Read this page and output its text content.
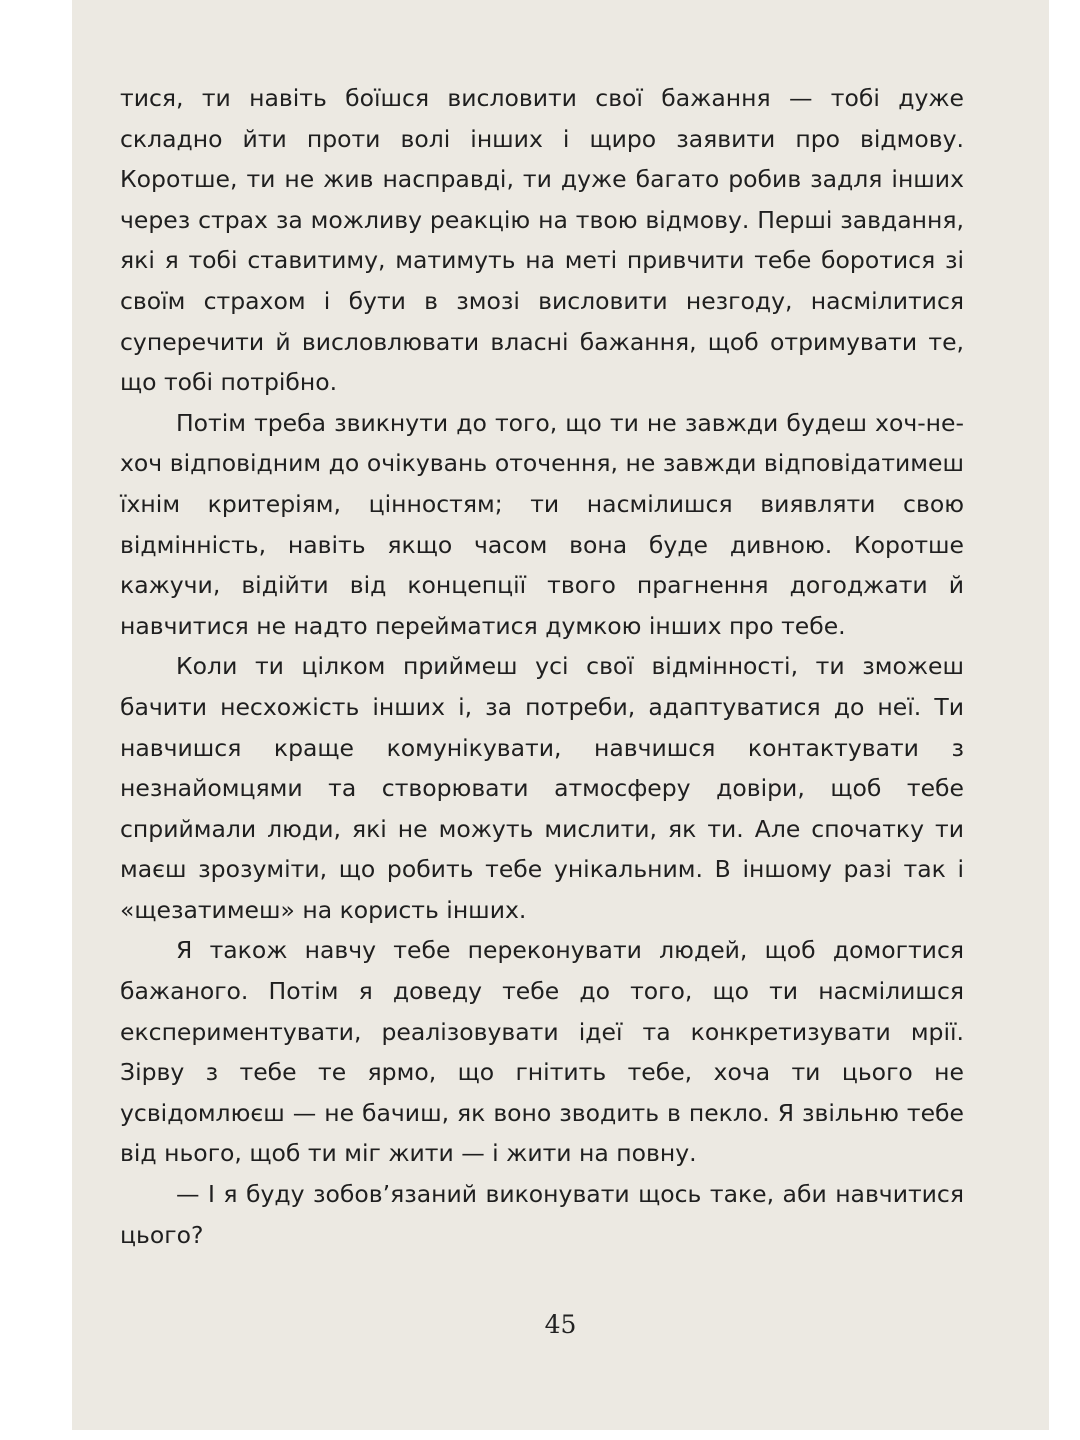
тися, ти навіть боїшся висловити свої бажання — тобі дуже складно йти проти волі інших і щиро заявити про відмову. Коротше, ти не жив насправді, ти дуже багато робив задля інших через страх за можливу реакцію на твою відмову. Перші завдання, які я тобі ставитиму, матимуть на меті привчити тебе боротися зі своїм страхом і бути в змозі висловити незгоду, насмілитися суперечити й висловлювати власні бажання, щоб отримувати те, що тобі потрібно.

Потім треба звикнути до того, що ти не завжди будеш хоч-не-хоч відповідним до очікувань оточення, не завжди відповідатимеш їхнім критеріям, цінностям; ти насмілишся виявляти свою відмінність, навіть якщо часом вона буде дивною. Коротше кажучи, відійти від концепції твого прагнення догоджати й навчитися не надто перейматися думкою інших про тебе.

Коли ти цілком приймеш усі свої відмінності, ти зможеш бачити несхожість інших і, за потреби, адаптуватися до неї. Ти навчишся краще комунікувати, навчишся контактувати з незнайомцями та створювати атмосферу довіри, щоб тебе сприймали люди, які не можуть мислити, як ти. Але спочатку ти маєш зрозуміти, що робить тебе унікальним. В іншому разі так і «щезатимеш» на користь інших.

Я також навчу тебе переконувати людей, щоб домогтися бажаного. Потім я доведу тебе до того, що ти насмілишся експериментувати, реалізовувати ідеї та конкретизувати мрії. Зірву з тебе те ярмо, що гнітить тебе, хоча ти цього не усвідомлюєш — не бачиш, як воно зводить в пекло. Я звільню тебе від нього, щоб ти міг жити — і жити на повну.

— І я буду зобов’язаний виконувати щось таке, аби навчитися цього?

45
